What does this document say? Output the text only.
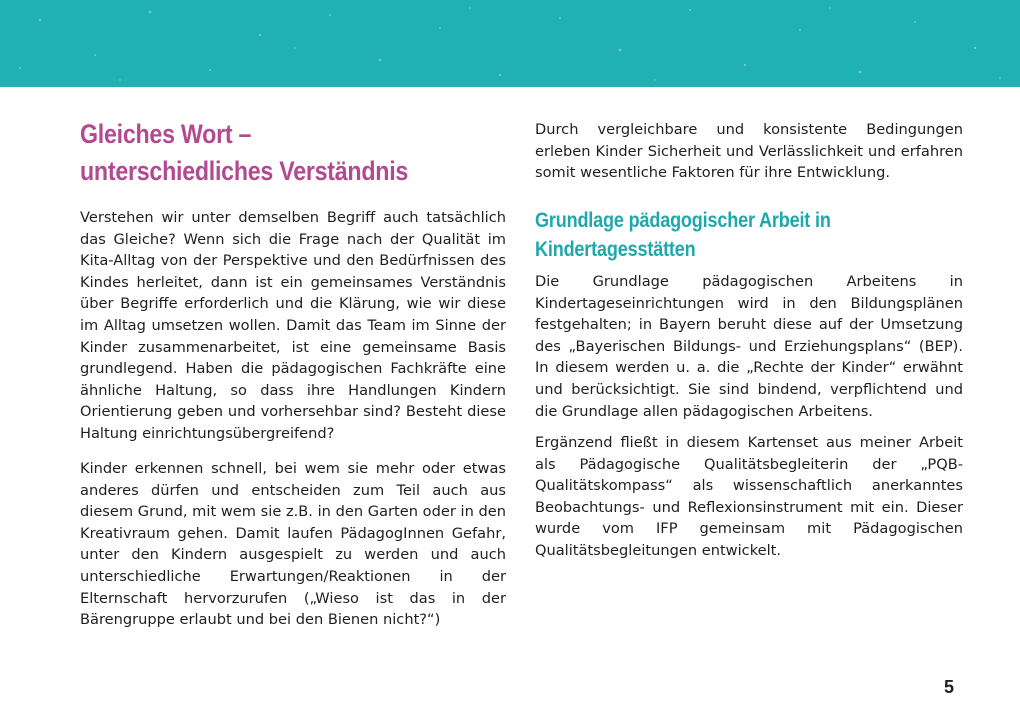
Gleiches Wort – unterschiedliches Verständnis

Verstehen wir unter demselben Begriff auch tatsächlich das Gleiche? Wenn sich die Frage nach der Qualität im Kita-Alltag von der Perspektive und den Bedürfnissen des Kindes herleitet, dann ist ein gemeinsames Verständnis über Begriffe erforderlich und die Klärung, wie wir diese im Alltag umsetzen wollen. Damit das Team im Sinne der Kinder zusammenarbeitet, ist eine gemeinsame Basis grundlegend. Haben die pädagogischen Fachkräfte eine ähnliche Haltung, so dass ihre Handlungen Kindern Orientierung geben und vorhersehbar sind? Besteht diese Haltung einrichtungsübergreifend?

Kinder erkennen schnell, bei wem sie mehr oder etwas anderes dürfen und entscheiden zum Teil auch aus diesem Grund, mit wem sie z.B. in den Garten oder in den Kreativraum gehen. Damit laufen PädagogInnen Gefahr, unter den Kindern ausgespielt zu werden und auch unterschiedliche Erwartungen/Reaktionen in der Elternschaft hervorzurufen („Wieso ist das in der Bärengruppe erlaubt und bei den Bienen nicht?“)

Durch vergleichbare und konsistente Bedingungen erleben Kinder Sicherheit und Verlässlichkeit und erfahren somit wesentliche Faktoren für ihre Entwicklung.

Grundlage pädagogischer Arbeit in Kindertagesstätten

Die Grundlage pädagogischen Arbeitens in Kindertageseinrichtungen wird in den Bildungsplänen festgehalten; in Bayern beruht diese auf der Umsetzung des „Bayerischen Bildungs- und Erziehungsplans“ (BEP). In diesem werden u. a. die „Rechte der Kinder“ erwähnt und berücksichtigt. Sie sind bindend, verpflichtend und die Grundlage allen pädagogischen Arbeitens.

Ergänzend fließt in diesem Kartenset aus meiner Arbeit als Pädagogische Qualitätsbegleiterin der „PQB-Qualitätskompass“ als wissenschaftlich anerkanntes Beobachtungs- und Reflexionsinstrument mit ein. Dieser wurde vom IFP gemeinsam mit Pädagogischen Qualitätsbegleitungen entwickelt.

5
